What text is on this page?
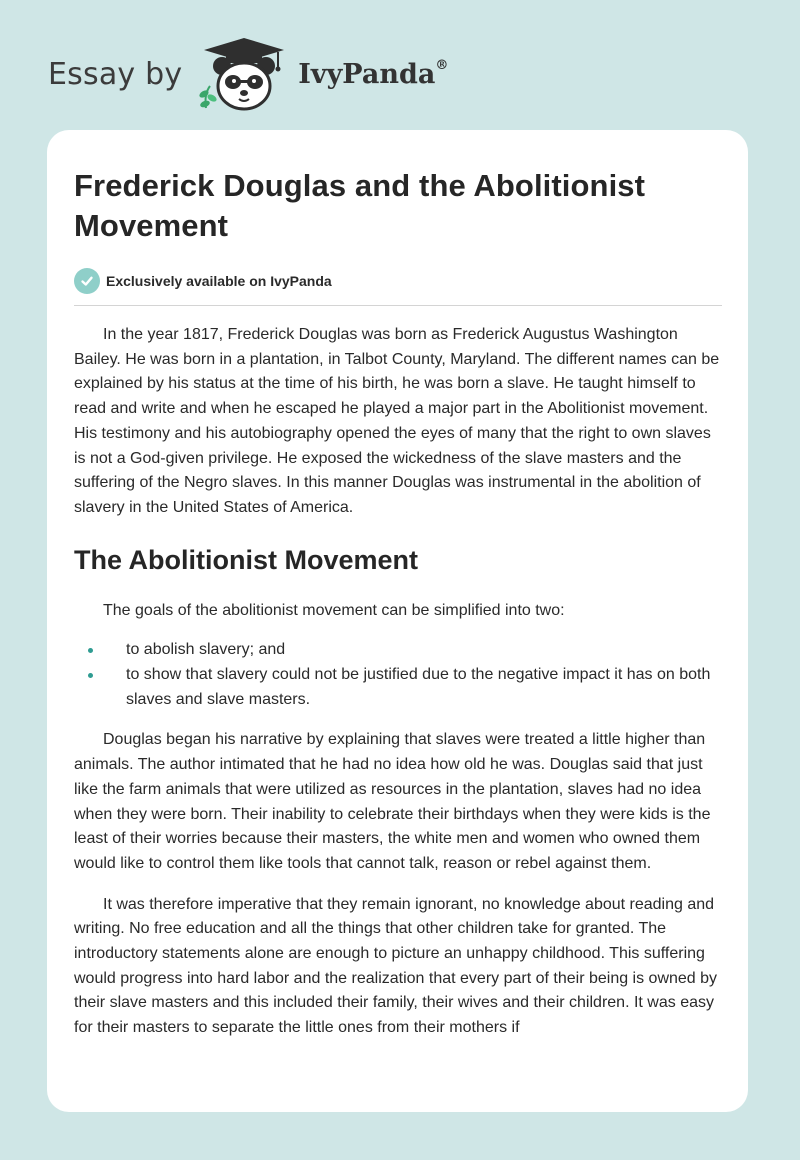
Essay by	IvyPanda®
Frederick Douglas and the Abolitionist Movement
Exclusively available on IvyPanda

In the year 1817, Frederick Douglas was born as Frederick Augustus Washington Bailey. He was born in a plantation, in Talbot County, Maryland. The different names can be explained by his status at the time of his birth, he was born a slave. He taught himself to read and write and when he escaped he played a major part in the Abolitionist movement. His testimony and his autobiography opened the eyes of many that the right to own slaves is not a God-given privilege. He exposed the wickedness of the slave masters and the suffering of the Negro slaves. In this manner Douglas was instrumental in the abolition of slavery in the United States of America.

The Abolitionist Movement

The goals of the abolitionist movement can be simplified into two:

to abolish slavery; and
to show that slavery could not be justified due to the negative impact it has on both slaves and slave masters.

Douglas began his narrative by explaining that slaves were treated a little higher than animals. The author intimated that he had no idea how old he was. Douglas said that just like the farm animals that were utilized as resources in the plantation, slaves had no idea when they were born. Their inability to celebrate their birthdays when they were kids is the least of their worries because their masters, the white men and women who owned them would like to control them like tools that cannot talk, reason or rebel against them.

It was therefore imperative that they remain ignorant, no knowledge about reading and writing. No free education and all the things that other children take for granted. The introductory statements alone are enough to picture an unhappy childhood. This suffering would progress into hard labor and the realization that every part of their being is owned by their slave masters and this included their family, their wives and their children. It was easy for their masters to separate the little ones from their mothers if
